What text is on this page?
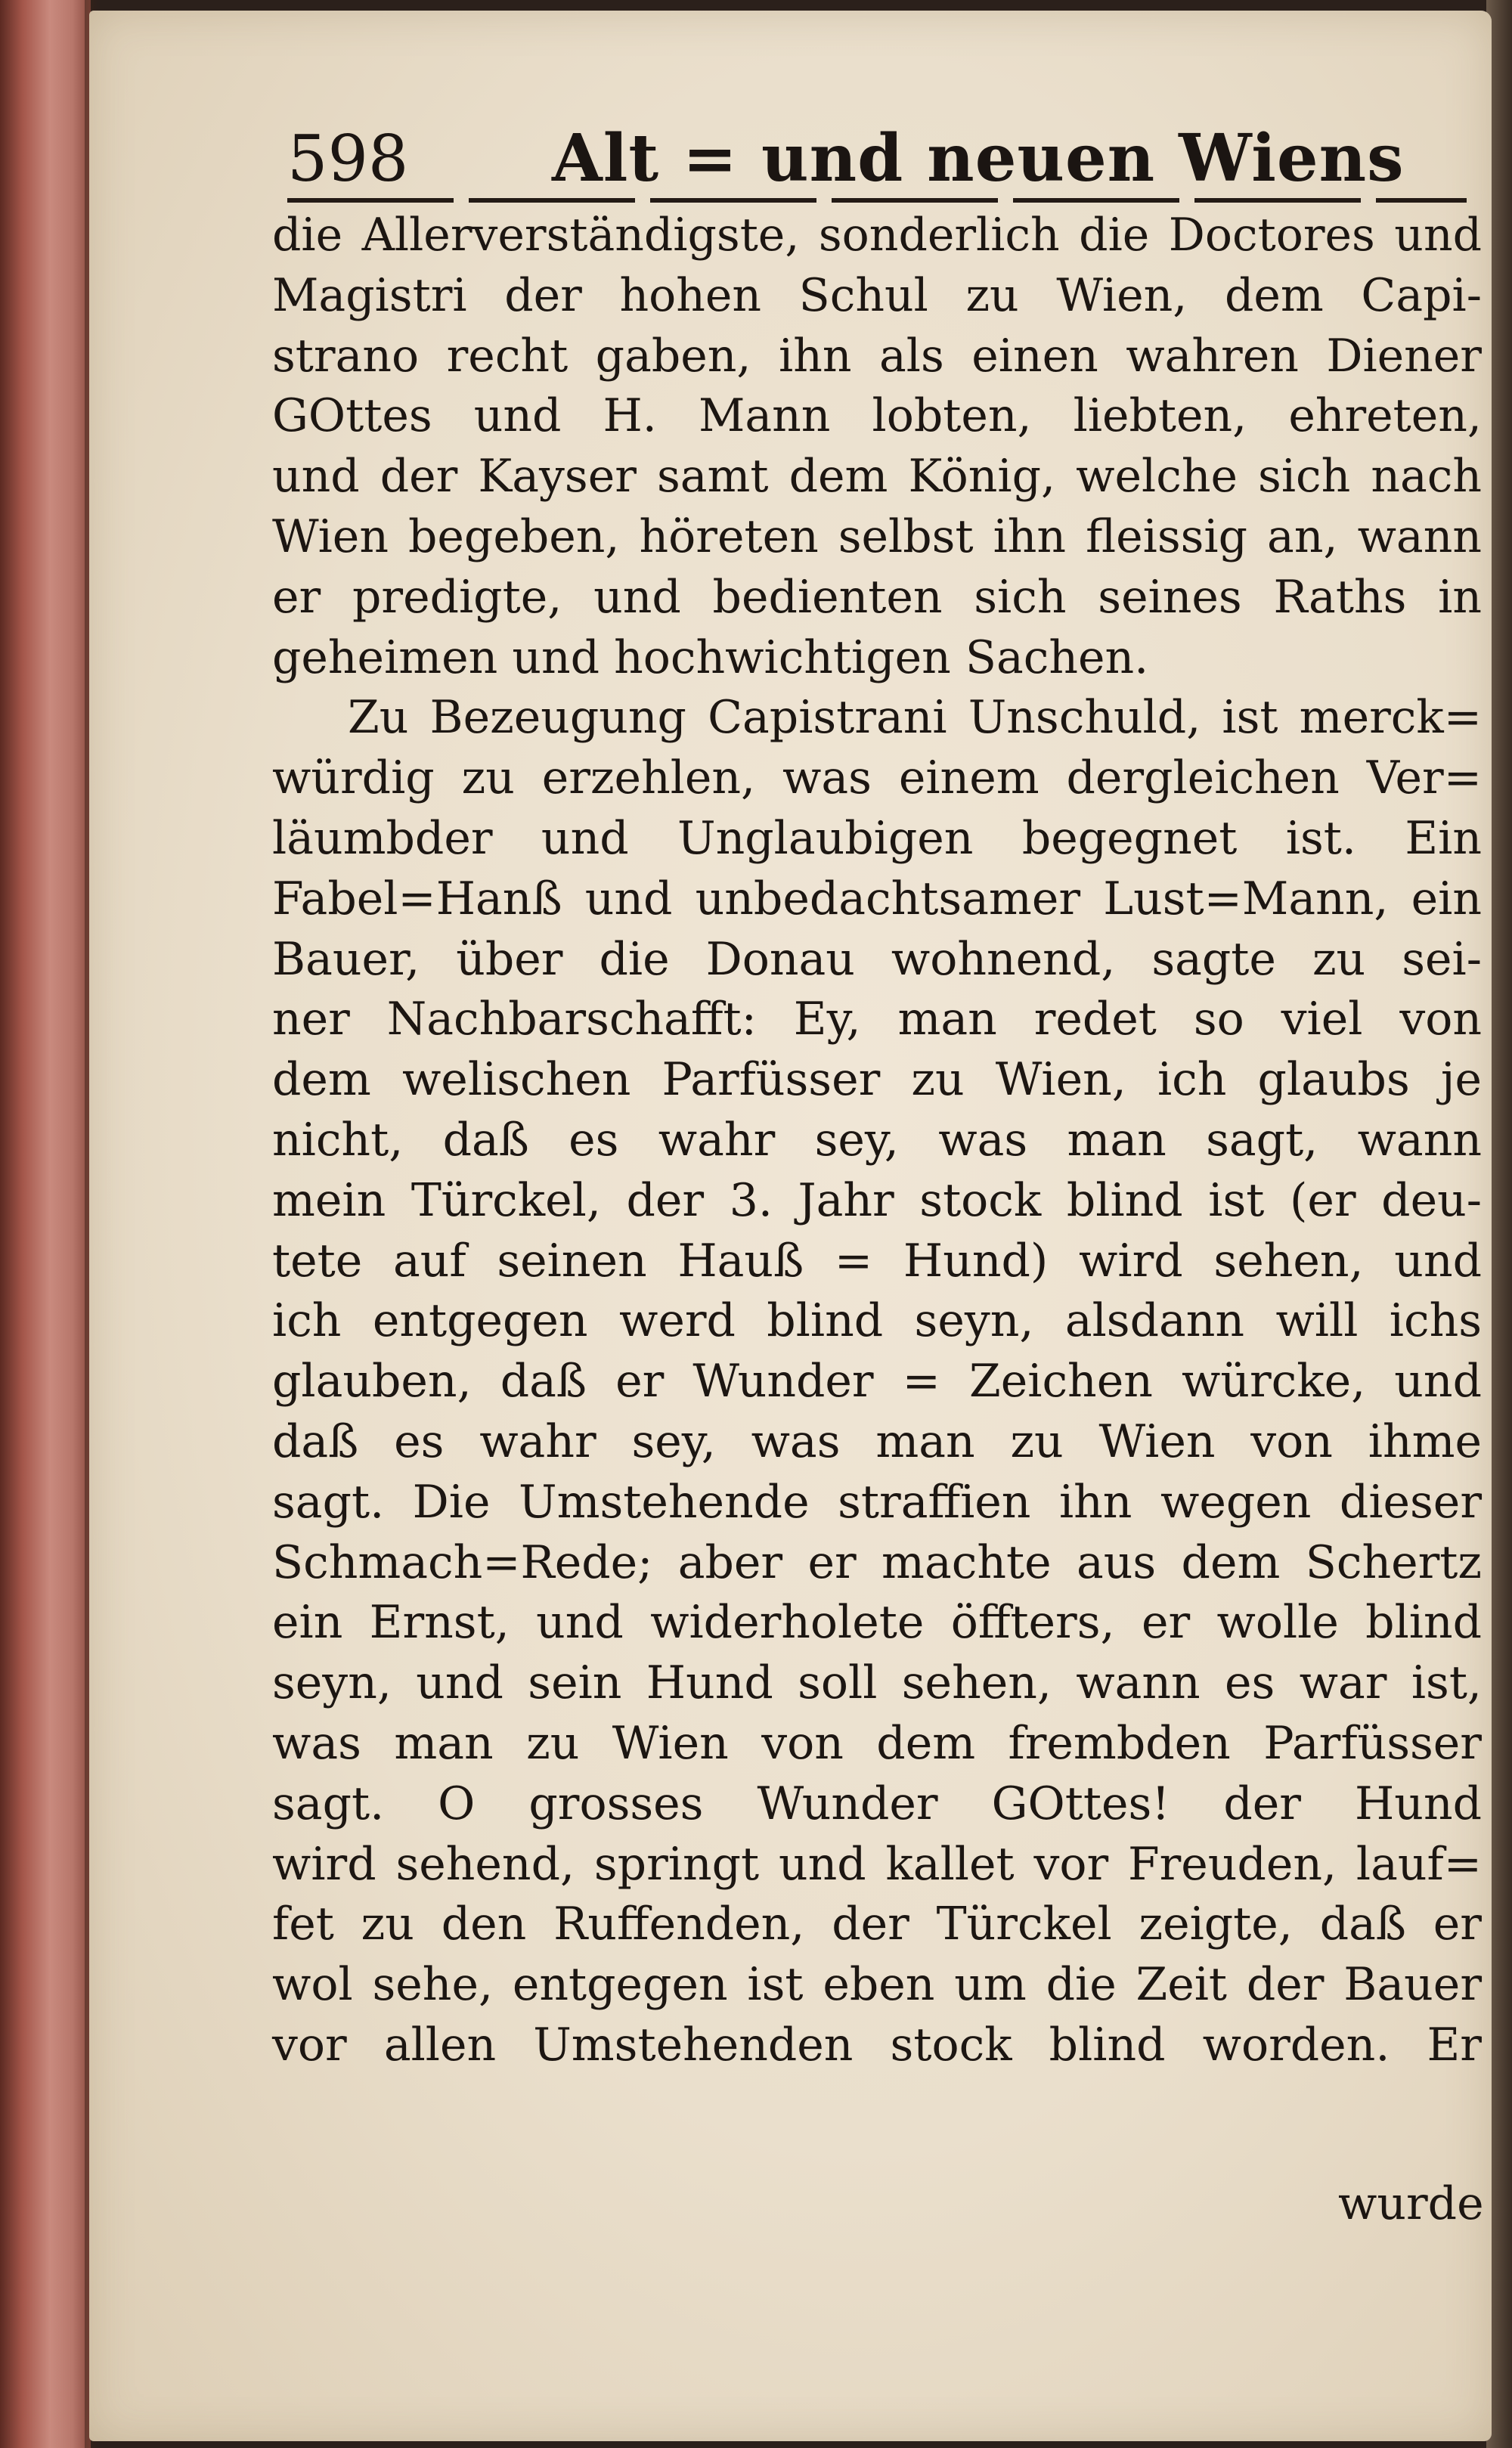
598 Alt = und neuen Wiens
die Allerverständigste, sonderlich die Doctores und
Magistri der hohen Schul zu Wien, dem Capi-
strano recht gaben, ihn als einen wahren Diener
GOttes und H. Mann lobten, liebten, ehreten,
und der Kayser samt dem König, welche sich nach
Wien begeben, höreten selbst ihn fleissig an, wann
er predigte, und bedienten sich seines Raths in
geheimen und hochwichtigen Sachen.
Zu Bezeugung Capistrani Unschuld, ist merck=
würdig zu erzehlen, was einem dergleichen Ver=
läumbder und Unglaubigen begegnet ist. Ein
Fabel=Hanß und unbedachtsamer Lust=Mann, ein
Bauer, über die Donau wohnend, sagte zu sei-
ner Nachbarschafft: Ey, man redet so viel von
dem welischen Parfüsser zu Wien, ich glaubs je
nicht, daß es wahr sey, was man sagt, wann
mein Türckel, der 3. Jahr stock blind ist (er deu-
tete auf seinen Hauß = Hund) wird sehen, und
ich entgegen werd blind seyn, alsdann will ichs
glauben, daß er Wunder = Zeichen würcke, und
daß es wahr sey, was man zu Wien von ihme
sagt. Die Umstehende straffien ihn wegen dieser
Schmach=Rede; aber er machte aus dem Schertz
ein Ernst, und widerholete öffters, er wolle blind
seyn, und sein Hund soll sehen, wann es war ist,
was man zu Wien von dem frembden Parfüsser
sagt. O grosses Wunder GOttes! der Hund
wird sehend, springt und kallet vor Freuden, lauf=
fet zu den Ruffenden, der Türckel zeigte, daß er
wol sehe, entgegen ist eben um die Zeit der Bauer
vor allen Umstehenden stock blind worden. Er
wurde
